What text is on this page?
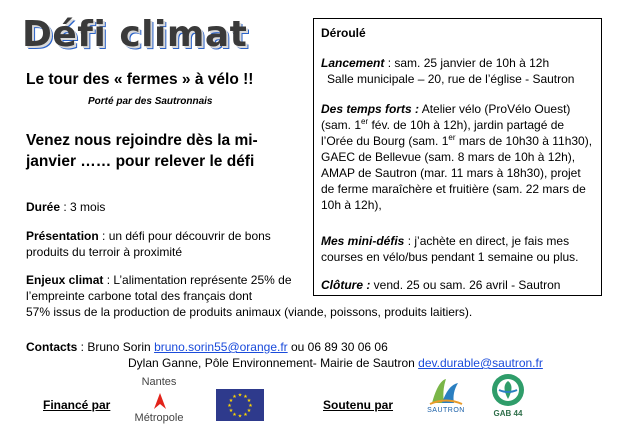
Défi climat
Le tour des « fermes » à vélo !!
Porté par des Sautronnais
Venez nous rejoindre dès la mi-janvier …… pour relever le défi
Durée : 3 mois
Présentation : un défi pour découvrir de bons produits du terroir à proximité
Enjeux climat : L’alimentation représente 25% de l’empreinte carbone total des français dont
57% issus de la production de produits animaux (viande, poissons, produits laitiers).
Déroulé
Lancement : sam. 25 janvier de 10h à 12h
Salle municipale – 20, rue de l’église - Sautron
Des temps forts : Atelier vélo (ProVélo Ouest) (sam. 1er fév. de 10h à 12h), jardin partagé de l’Orée du Bourg (sam. 1er mars de 10h30 à 11h30), GAEC de Bellevue (sam. 8 mars de 10h à 12h), AMAP de Sautron (mar. 11 mars à 18h30), projet de ferme maraîchère et fruitière (sam. 22 mars de 10h à 12h),
Mes mini-défis : j’achète en direct, je fais mes courses en vélo/bus pendant 1 semaine ou plus.
Clôture : vend. 25 ou sam. 26 avril - Sautron
Contacts : Bruno Sorin bruno.sorin55@orange.fr ou 06 89 30 06 06
Dylan Ganne, Pôle Environnement- Mairie de Sautron dev.durable@sautron.fr
Financé par
Nantes
Métropole
★ ★
★
★
★
★
★
★
★
★
★
★
Soutenu par	SAUTRON	GAB 44
